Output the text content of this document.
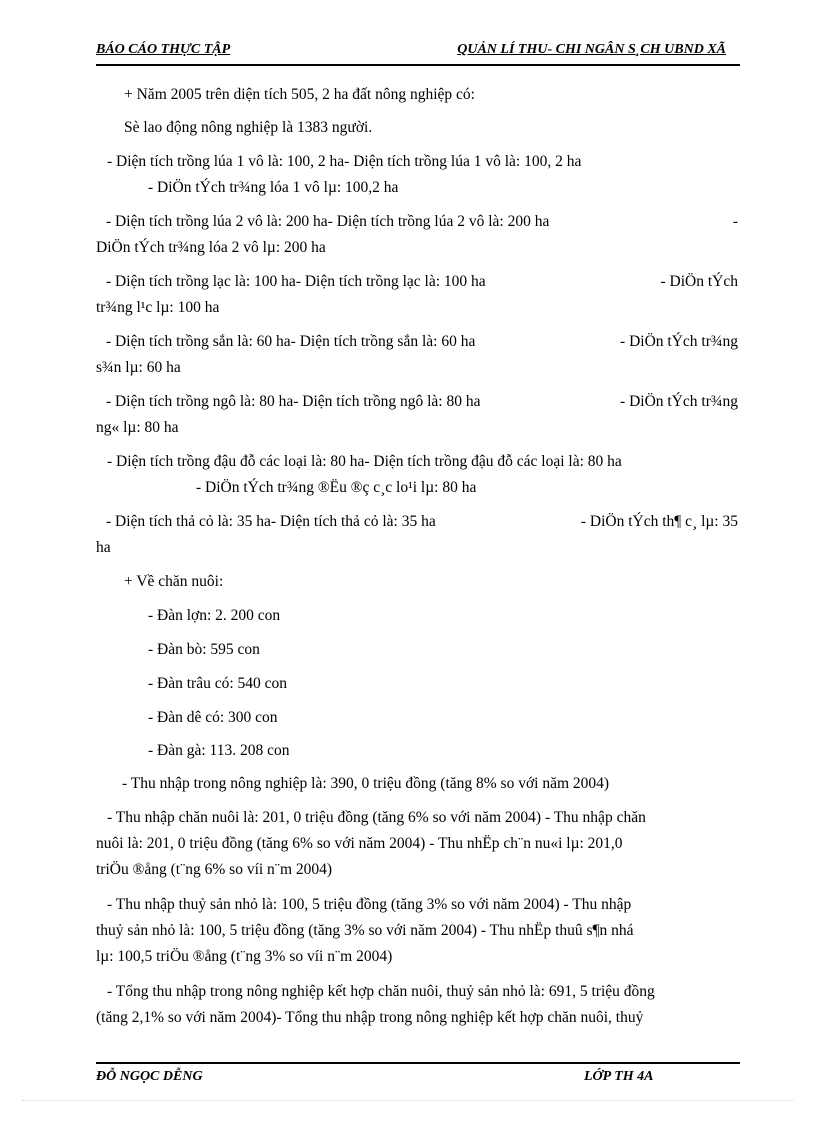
BÁO CÁO THỰC TẬP	QUẢN LÍ THU- CHI NGÂN S¸CH UBND XÃ
+ Năm 2005 trên diện tích 505, 2 ha đất nông nghiệp có:
Sè lao động nông nghiệp là 1383 người.
- Diện tích trồng lúa 1 vô là: 100, 2 ha- Diện tích trồng lúa 1 vô là: 100, 2 ha
- DiÖn tÝch tr¾ng lóa 1 vô lµ: 100,2 ha
- Diện tích trồng lúa 2 vô là: 200 ha- Diện tích trồng lúa 2 vô là: 200 ha	-
DiÖn tÝch tr¾ng lóa 2 vô lµ: 200 ha
- Diện tích trồng lạc là: 100 ha- Diện tích trồng lạc là: 100 ha	- DiÖn tÝch
tr¾ng l¹c lµ: 100 ha
- Diện tích trồng sắn là: 60 ha- Diện tích trồng sắn là: 60 ha	- DiÖn tÝch tr¾ng
s¾n lµ: 60 ha
- Diện tích trồng ngô là: 80 ha- Diện tích trồng ngô là: 80 ha	- DiÖn tÝch tr¾ng
ng« lµ: 80 ha
- Diện tích trồng đậu đỗ các loại là: 80 ha- Diện tích trồng đậu đỗ các loại là: 80 ha
- DiÖn tÝch tr¾ng ®Ëu ®ç c¸c lo¹i lµ: 80 ha
- Diện tích thả cỏ là: 35 ha- Diện tích thả cỏ là: 35 ha	- DiÖn tÝch th¶ c¸ lµ: 35
ha
+ Về chăn nuôi:
- Đàn lợn: 2. 200 con
- Đàn bò: 595 con
- Đàn trâu có: 540 con
- Đàn dê có: 300 con
- Đàn gà: 113. 208 con
- Thu nhập trong nông nghiệp là: 390, 0 triệu đồng (tăng 8% so với năm 2004)
- Thu nhập chăn nuôi là: 201, 0 triệu đồng (tăng 6% so với năm 2004) - Thu nhập chăn
nuôi là: 201, 0 triệu đồng (tăng 6% so với năm 2004) - Thu nhËp ch¨n nu«i lµ: 201,0
triÖu ®ång (t¨ng 6% so víi n¨m 2004)
- Thu nhập thuỷ sản nhỏ là: 100, 5 triệu đồng (tăng 3% so với năm 2004) - Thu nhập
thuỷ sản nhỏ là: 100, 5 triệu đồng (tăng 3% so với năm 2004) - Thu nhËp thuû s¶n nhá
lµ: 100,5 triÖu ®ång (t¨ng 3% so víi n¨m 2004)
- Tổng thu nhập trong nông nghiệp kết hợp chăn nuôi, thuỷ sản nhỏ là: 691, 5 triệu đồng
(tăng 2,1% so với năm 2004)- Tổng thu nhập trong nông nghiệp kết hợp chăn nuôi, thuỷ
ĐỖ NGỌC DỄNG	LỚP TH 4A
